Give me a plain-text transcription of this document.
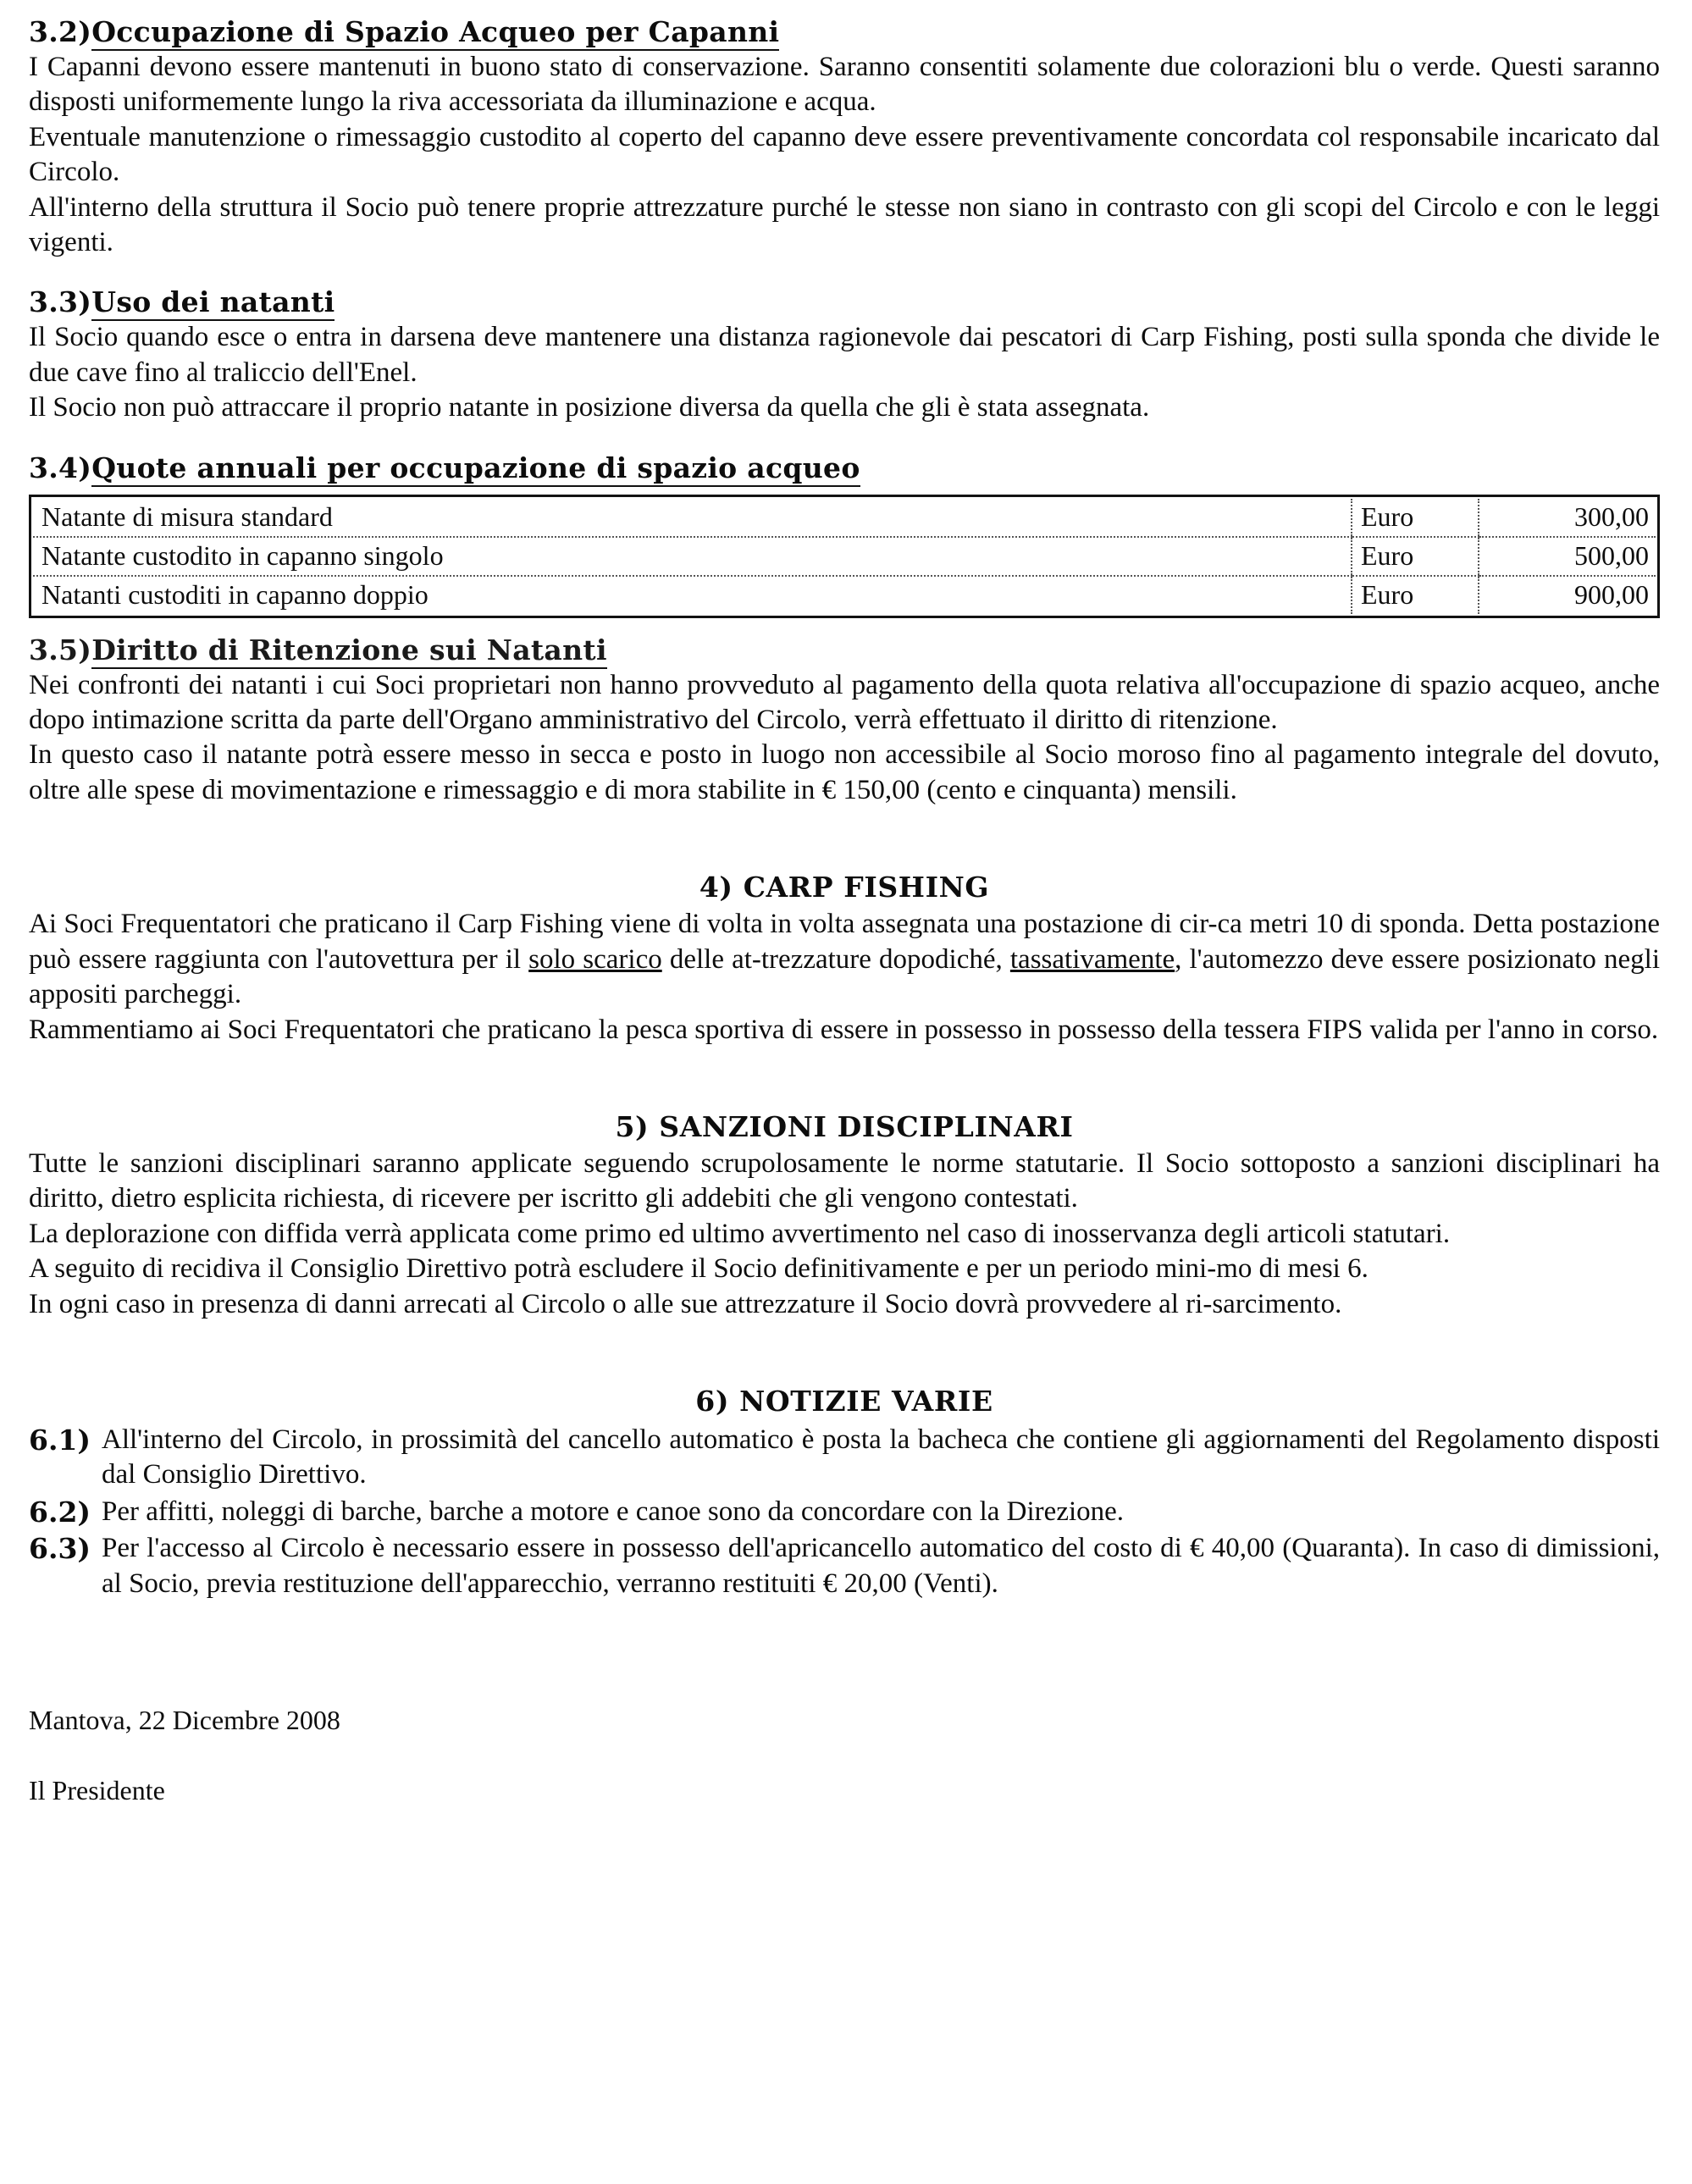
3.2)Occupazione di Spazio Acqueo per Capanni

I Capanni devono essere mantenuti in buono stato di conservazione. Saranno consentiti solamente due colorazioni blu o verde. Questi saranno disposti uniformemente lungo la riva accessoriata da illuminazione e acqua.

Eventuale manutenzione o rimessaggio custodito al coperto del capanno deve essere preventivamente concordata col responsabile incaricato dal Circolo.

All'interno della struttura il Socio può tenere proprie attrezzature purché le stesse non siano in contrasto con gli scopi del Circolo e con le leggi vigenti.

3.3)Uso dei natanti

Il Socio quando esce o entra in darsena deve mantenere una distanza ragionevole dai pescatori di Carp Fishing, posti sulla sponda che divide le due cave fino al traliccio dell'Enel.

Il Socio non può attraccare il proprio natante in posizione diversa da quella che gli è stata assegnata.

3.4)Quote annuali per occupazione di spazio acqueo
Natante di misura standard	Euro	300,00
Natante custodito in capanno singolo	Euro	500,00
Natanti custoditi in capanno doppio	Euro	900,00
3.5)Diritto di Ritenzione sui Natanti

Nei confronti dei natanti i cui Soci proprietari non hanno provveduto al pagamento della quota relativa all'occupazione di spazio acqueo, anche dopo intimazione scritta da parte dell'Organo amministrativo del Circolo, verrà effettuato il diritto di ritenzione.

In questo caso il natante potrà essere messo in secca e posto in luogo non accessibile al Socio moroso fino al pagamento integrale del dovuto, oltre alle spese di movimentazione e rimessaggio e di mora stabilite in € 150,00 (cento e cinquanta) mensili.

4) CARP FISHING

Ai Soci Frequentatori che praticano il Carp Fishing viene di volta in volta assegnata una postazione di cir-ca metri 10 di sponda. Detta postazione può essere raggiunta con l'autovettura per il solo scarico delle at-trezzature dopodiché, tassativamente, l'automezzo deve essere posizionato negli appositi parcheggi.

Rammentiamo ai Soci Frequentatori che praticano la pesca sportiva di essere in possesso in possesso della tessera FIPS valida per l'anno in corso.

5) SANZIONI DISCIPLINARI

Tutte le sanzioni disciplinari saranno applicate seguendo scrupolosamente le norme statutarie. Il Socio sottoposto a sanzioni disciplinari ha diritto, dietro esplicita richiesta, di ricevere per iscritto gli addebiti che gli vengono contestati.

La deplorazione con diffida verrà applicata come primo ed ultimo avvertimento nel caso di inosservanza degli articoli statutari.

A seguito di recidiva il Consiglio Direttivo potrà escludere il Socio definitivamente e per un periodo mini-mo di mesi 6.

In ogni caso in presenza di danni arrecati al Circolo o alle sue attrezzature il Socio dovrà provvedere al ri-sarcimento.

6) NOTIZIE VARIE
6.1) All'interno del Circolo, in prossimità del cancello automatico è posta la bacheca che contiene gli aggiornamenti del Regolamento disposti dal Consiglio Direttivo.
6.2) Per affitti, noleggi di barche, barche a motore e canoe sono da concordare con la Direzione.
6.3) Per l'accesso al Circolo è necessario essere in possesso dell'apricancello automatico del costo di € 40,00 (Quaranta). In caso di dimissioni, al Socio, previa restituzione dell'apparecchio, verranno restituiti € 20,00 (Venti).

Mantova, 22 Dicembre 2008

Il Presidente
